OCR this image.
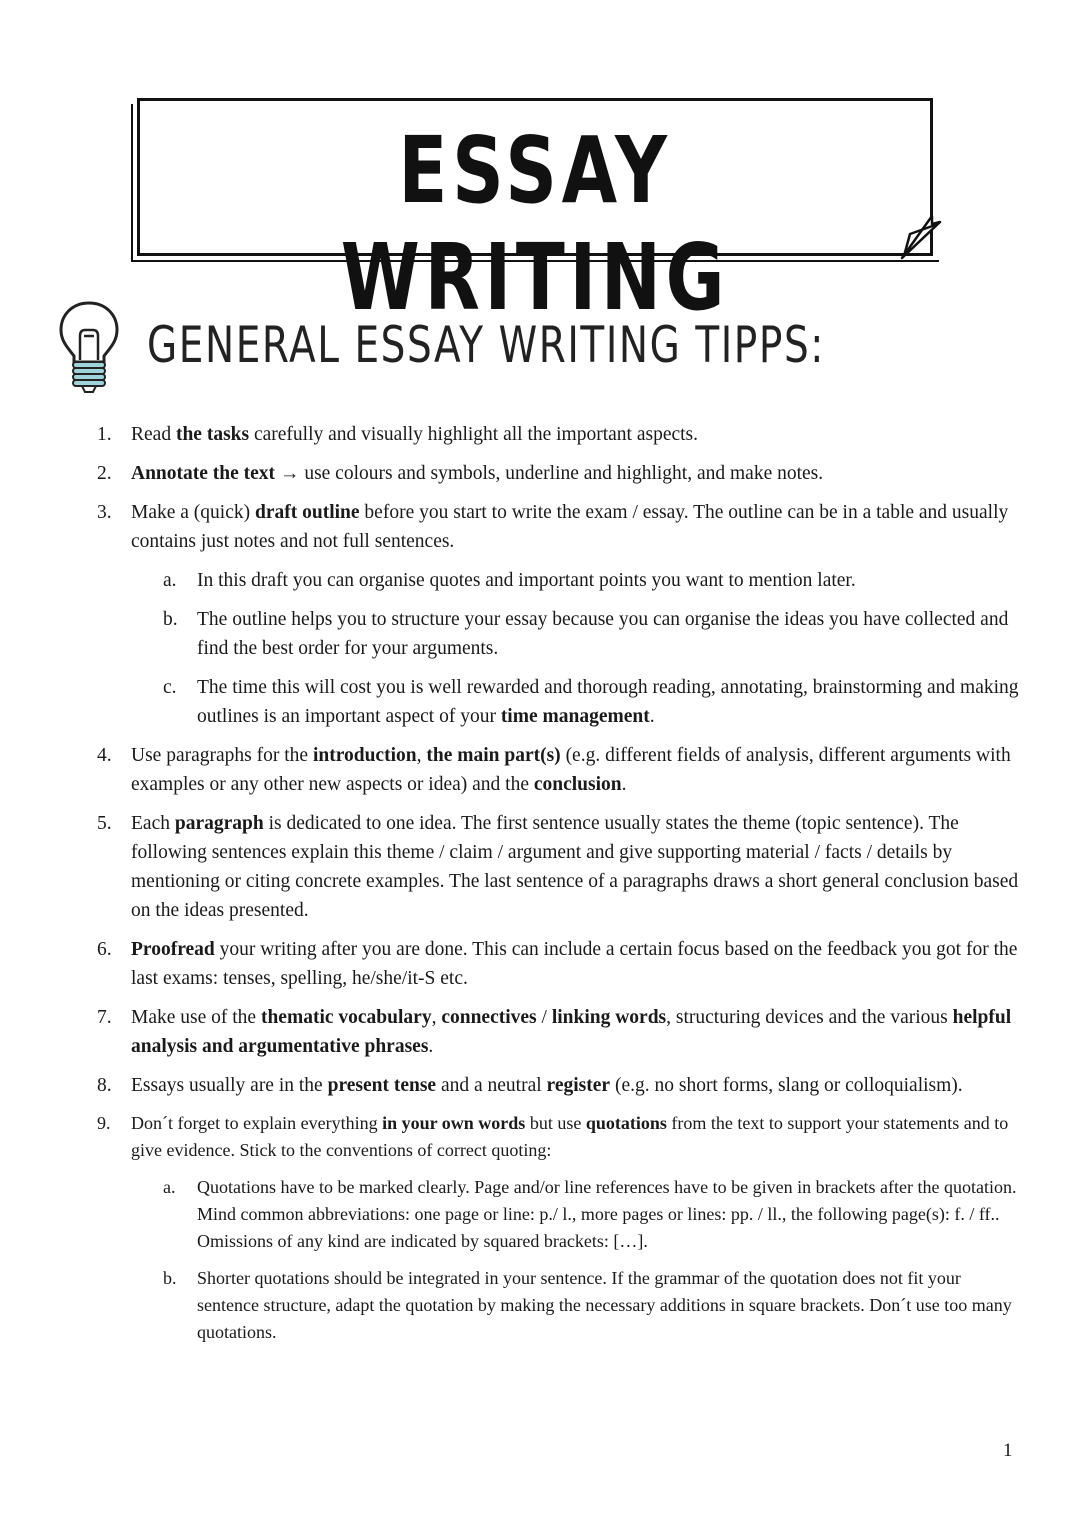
ESSAY WRITING
GENERAL ESSAY WRITING TIPPS:
1. Read the tasks carefully and visually highlight all the important aspects.
2. Annotate the text → use colours and symbols, underline and highlight, and make notes.
3. Make a (quick) draft outline before you start to write the exam / essay. The outline can be in a table and usually contains just notes and not full sentences.
a. In this draft you can organise quotes and important points you want to mention later.
b. The outline helps you to structure your essay because you can organise the ideas you have collected and find the best order for your arguments.
c. The time this will cost you is well rewarded and thorough reading, annotating, brainstorming and making outlines is an important aspect of your time management.
4. Use paragraphs for the introduction, the main part(s) (e.g. different fields of analysis, different arguments with examples or any other new aspects or idea) and the conclusion.
5. Each paragraph is dedicated to one idea. The first sentence usually states the theme (topic sentence). The following sentences explain this theme / claim / argument and give supporting material / facts / details by mentioning or citing concrete examples. The last sentence of a paragraphs draws a short general conclusion based on the ideas presented.
6. Proofread your writing after you are done. This can include a certain focus based on the feedback you got for the last exams: tenses, spelling, he/she/it-S etc.
7. Make use of the thematic vocabulary, connectives / linking words, structuring devices and the various helpful analysis and argumentative phrases.
8. Essays usually are in the present tense and a neutral register (e.g. no short forms, slang or colloquialism).
9. Don´t forget to explain everything in your own words but use quotations from the text to support your statements and to give evidence. Stick to the conventions of correct quoting:
a. Quotations have to be marked clearly. Page and/or line references have to be given in brackets after the quotation. Mind common abbreviations: one page or line: p./ l., more pages or lines: pp. / ll., the following page(s): f. / ff.. Omissions of any kind are indicated by squared brackets: […].
b. Shorter quotations should be integrated in your sentence. If the grammar of the quotation does not fit your sentence structure, adapt the quotation by making the necessary additions in square brackets. Don´t use too many quotations.
1
